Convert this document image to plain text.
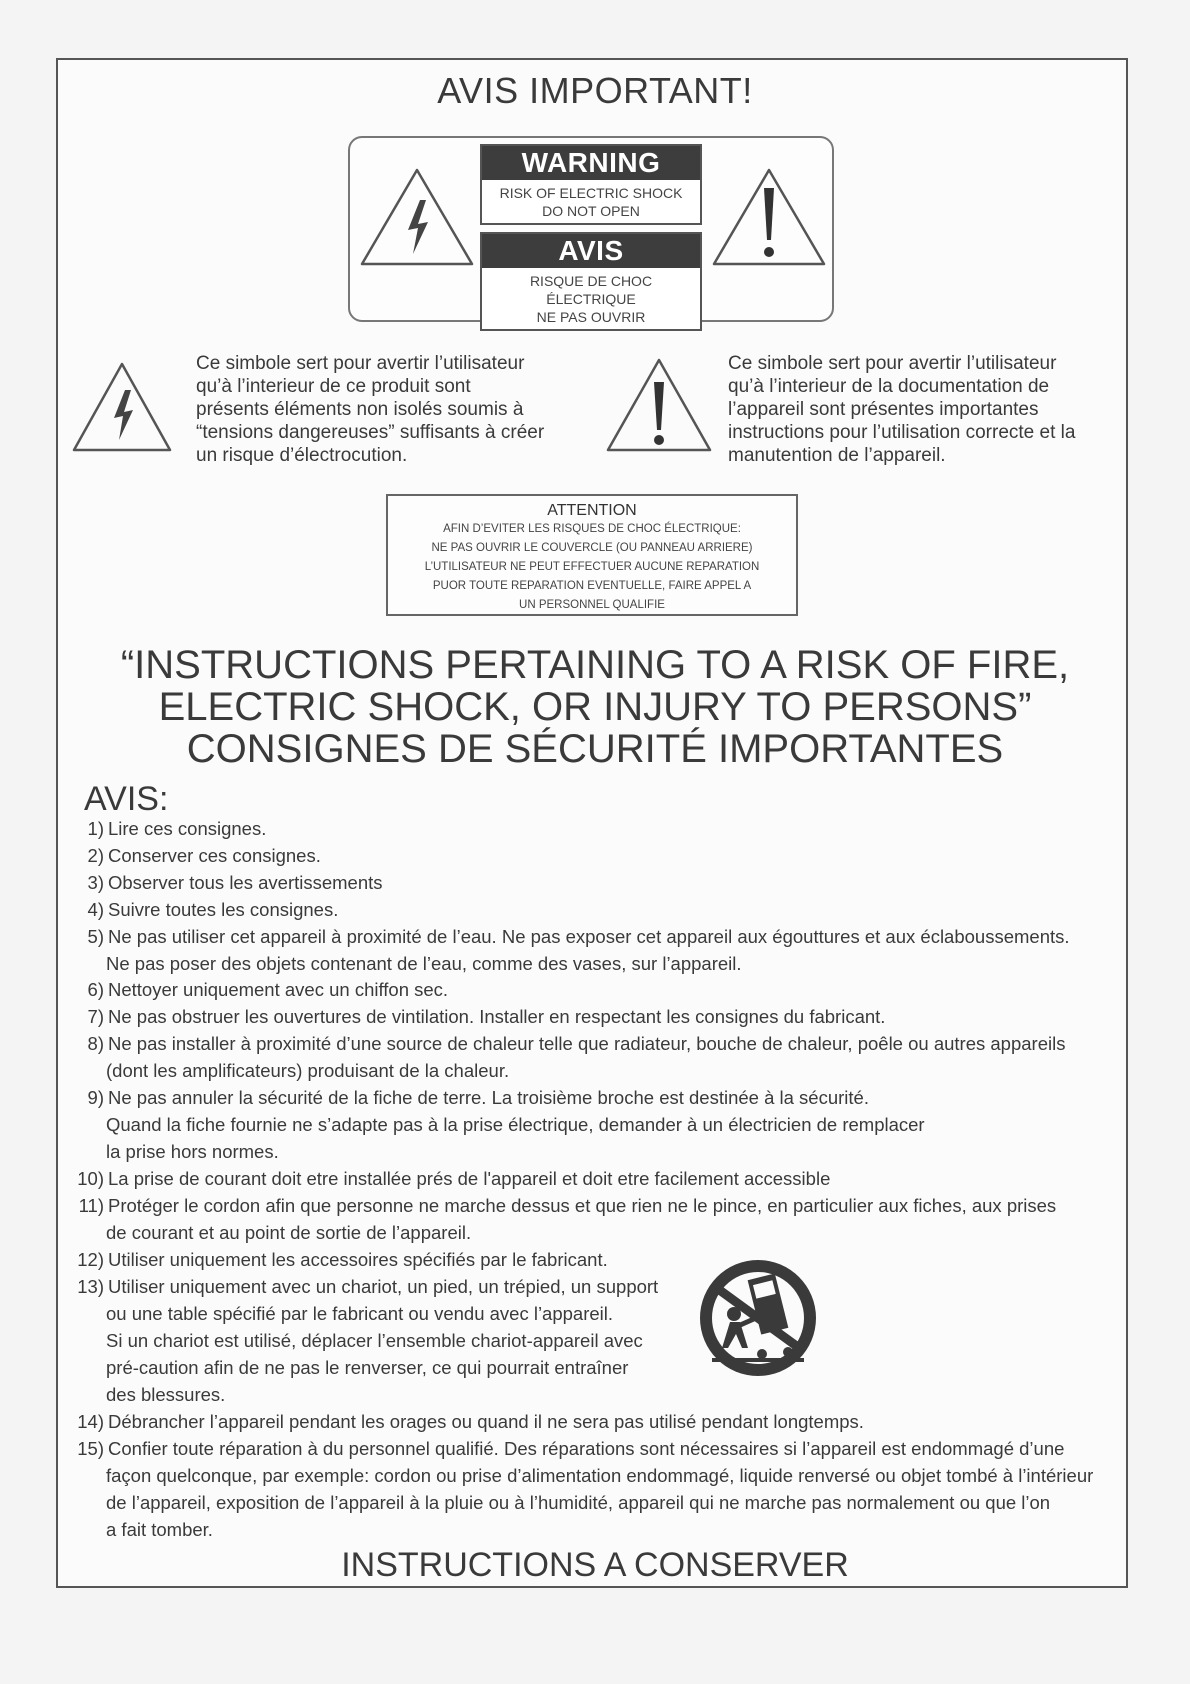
AVIS IMPORTANT!
WARNING
RISK OF ELECTRIC SHOCK
DO NOT OPEN
AVIS
RISQUE DE CHOC ÉLECTRIQUE
NE PAS OUVRIR
Ce simbole sert pour avertir l’utilisateur
qu’à l’interieur de ce produit sont
présents éléments non isolés soumis à
“tensions dangereuses” suffisants à créer
un risque d’électrocution.
Ce simbole sert pour avertir l’utilisateur
qu’à l’interieur de la documentation de
l’appareil sont présentes importantes
instructions pour l’utilisation correcte et la
manutention de l’appareil.
ATTENTION
AFIN D’EVITER LES RISQUES DE CHOC ÉLECTRIQUE:
NE PAS OUVRIR LE COUVERCLE (OU PANNEAU ARRIERE)
L’UTILISATEUR NE PEUT EFFECTUER AUCUNE REPARATION
PUOR TOUTE REPARATION EVENTUELLE, FAIRE APPEL A
UN PERSONNEL QUALIFIE
“INSTRUCTIONS PERTAINING TO A RISK OF FIRE,
ELECTRIC SHOCK, OR INJURY TO PERSONS”
CONSIGNES DE SÉCURITÉ IMPORTANTES
AVIS:
1) Lire ces consignes.
2) Conserver ces consignes.
3) Observer tous les avertissements
4) Suivre toutes les consignes.
5) Ne pas utiliser cet appareil à proximité de l’eau. Ne pas exposer cet appareil aux égouttures et aux éclaboussements.
Ne pas poser des objets contenant de l’eau, comme des vases, sur l’appareil.
6) Nettoyer uniquement avec un chiffon sec.
7) Ne pas obstruer les ouvertures de vintilation. Installer en respectant les consignes du fabricant.
8) Ne pas installer à proximité d’une source de chaleur telle que radiateur, bouche de chaleur, poêle ou autres appareils
(dont les amplificateurs) produisant de la chaleur.
9) Ne pas annuler la sécurité de la fiche de terre. La troisième broche est destinée à la sécurité.
Quand la fiche fournie ne s’adapte pas à la prise électrique, demander à un électricien de remplacer
la prise hors normes.
10) La prise de courant doit etre installée prés de l'appareil et doit etre facilement accessible
11) Protéger le cordon afin que personne ne marche dessus et que rien ne le pince, en particulier aux fiches, aux prises
de courant et au point de sortie de l’appareil.
12) Utiliser uniquement les accessoires spécifiés par le fabricant.
13) Utiliser uniquement avec un chariot, un pied, un trépied, un support
ou une table spécifié par le fabricant ou vendu avec l’appareil.
Si un chariot est utilisé, déplacer l’ensemble chariot-appareil avec
pré-caution afin de ne pas le renverser, ce qui pourrait entraîner
des blessures.
14) Débrancher l’appareil pendant les orages ou quand il ne sera pas utilisé pendant longtemps.
15) Confier toute réparation à du personnel qualifié. Des réparations sont nécessaires si l’appareil est endommagé d’une
façon quelconque, par exemple: cordon ou prise d’alimentation endommagé, liquide renversé ou objet tombé à l’intérieur
de l’appareil, exposition de l’appareil à la pluie ou à l’humidité, appareil qui ne marche pas normalement ou que l’on
a fait tomber.
INSTRUCTIONS A CONSERVER
